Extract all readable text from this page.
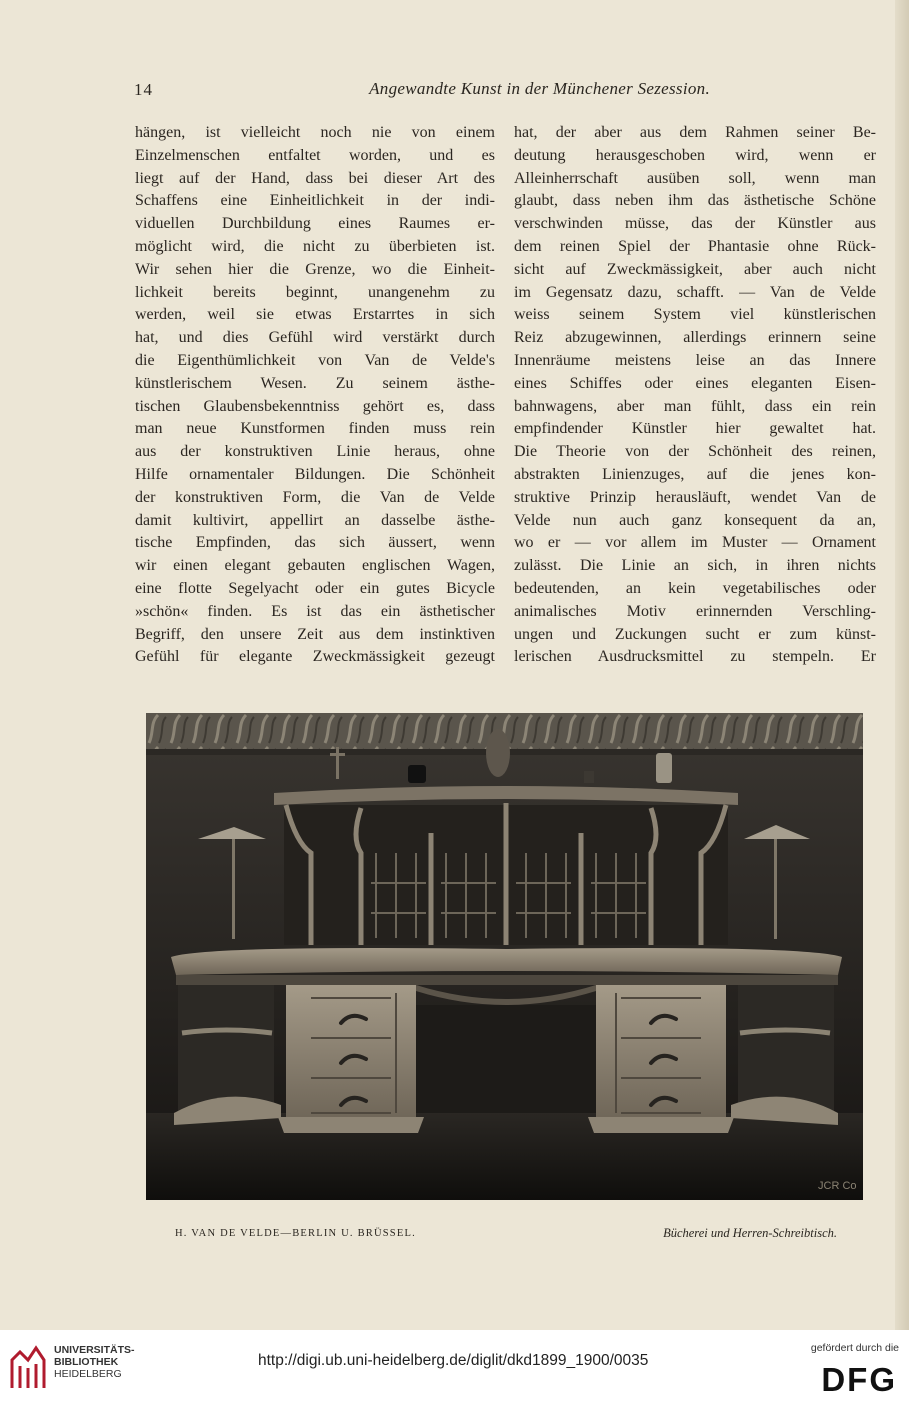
14	Angewandte Kunst in der Münchener Sezession.
hängen, ist vielleicht noch nie von einem
Einzelmenschen entfaltet worden, und es
liegt auf der Hand, dass bei dieser Art des
Schaffens eine Einheitlichkeit in der indi-
viduellen Durchbildung eines Raumes er-
möglicht wird, die nicht zu überbieten ist.
Wir sehen hier die Grenze, wo die Einheit-
lichkeit bereits beginnt, unangenehm zu
werden, weil sie etwas Erstarrtes in sich
hat, und dies Gefühl wird verstärkt durch
die Eigenthümlichkeit von Van de Velde's
künstlerischem Wesen. Zu seinem ästhe-
tischen Glaubensbekenntniss gehört es, dass
man neue Kunstformen finden muss rein
aus der konstruktiven Linie heraus, ohne
Hilfe ornamentaler Bildungen. Die Schönheit
der konstruktiven Form, die Van de Velde
damit kultivirt, appellirt an dasselbe ästhe-
tische Empfinden, das sich äussert, wenn
wir einen elegant gebauten englischen Wagen,
eine flotte Segelyacht oder ein gutes Bicycle
»schön« finden. Es ist das ein ästhetischer
Begriff, den unsere Zeit aus dem instinktiven
Gefühl für elegante Zweckmässigkeit gezeugt
hat, der aber aus dem Rahmen seiner Be-
deutung herausgeschoben wird, wenn er
Alleinherrschaft ausüben soll, wenn man
glaubt, dass neben ihm das ästhetische Schöne
verschwinden müsse, das der Künstler aus
dem reinen Spiel der Phantasie ohne Rück-
sicht auf Zweckmässigkeit, aber auch nicht
im Gegensatz dazu, schafft. — Van de Velde
weiss seinem System viel künstlerischen
Reiz abzugewinnen, allerdings erinnern seine
Innenräume meistens leise an das Innere
eines Schiffes oder eines eleganten Eisen-
bahnwagens, aber man fühlt, dass ein rein
empfindender Künstler hier gewaltet hat.
Die Theorie von der Schönheit des reinen,
abstrakten Linienzuges, auf die jenes kon-
struktive Prinzip herausläuft, wendet Van de
Velde nun auch ganz konsequent da an,
wo er — vor allem im Muster — Ornament
zulässt. Die Linie an sich, in ihren nichts
bedeutenden, an kein vegetabilisches oder
animalisches Motiv erinnernden Verschling-
ungen und Zuckungen sucht er zum künst-
lerischen Ausdrucksmittel zu stempeln. Er
JCR Co
H. VAN DE VELDE—BERLIN U. BRÜSSEL.	Bücherei und Herren-Schreibtisch.
UNIVERSITÄTS-
BIBLIOTHEK
HEIDELBERG
http://digi.ub.uni-heidelberg.de/diglit/dkd1899_1900/0035
gefördert durch die
DFG
